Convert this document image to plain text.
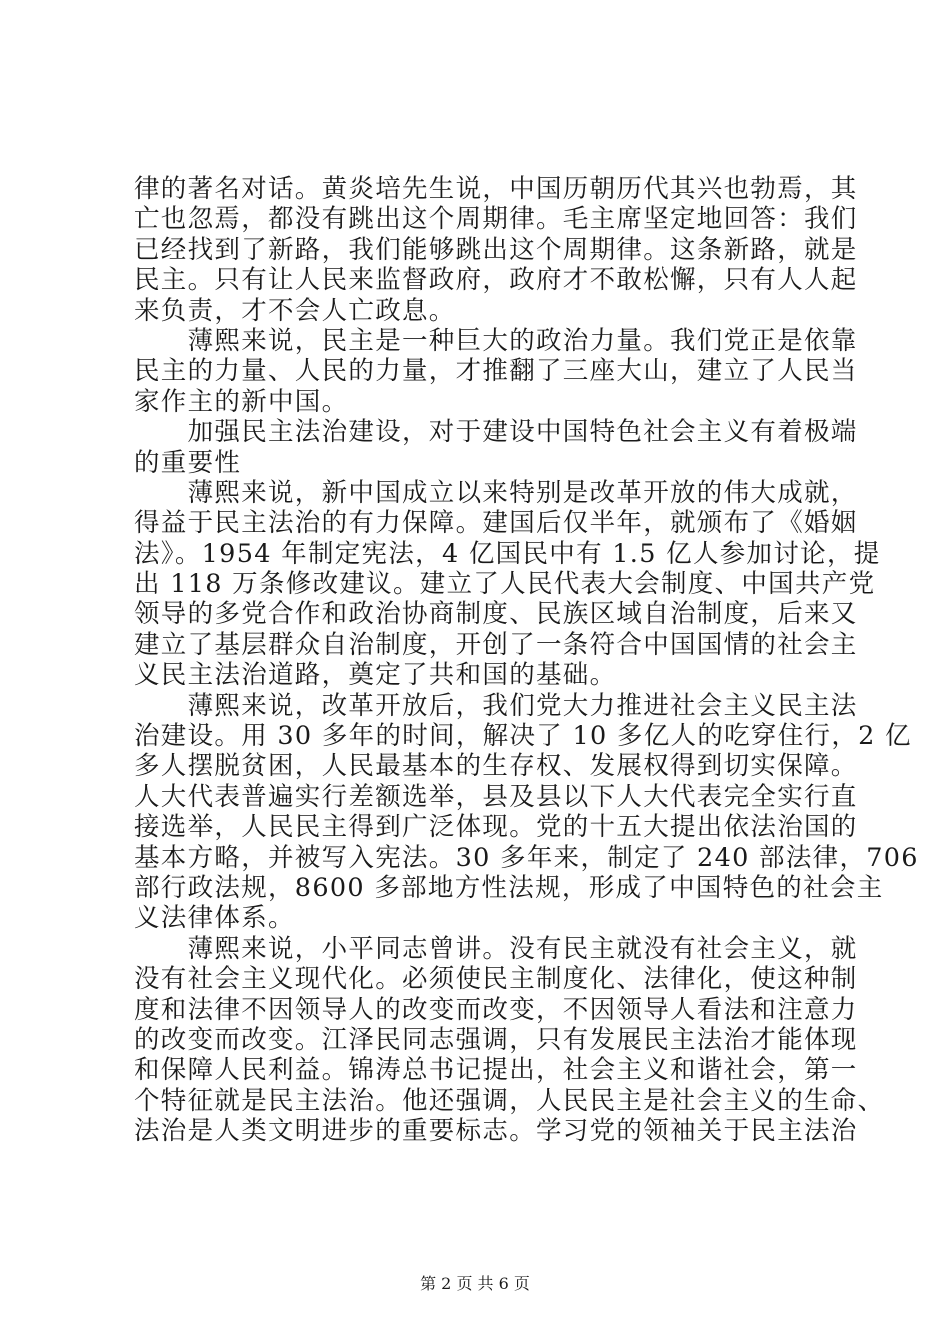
律的著名对话。黄炎培先生说，中国历朝历代其兴也勃焉，其
亡也忽焉，都没有跳出这个周期律。毛主席坚定地回答：我们
已经找到了新路，我们能够跳出这个周期律。这条新路，就是
民主。只有让人民来监督政府，政府才不敢松懈，只有人人起
来负责，才不会人亡政息。
　　薄熙来说，民主是一种巨大的政治力量。我们党正是依靠
民主的力量、人民的力量，才推翻了三座大山，建立了人民当
家作主的新中国。
　　加强民主法治建设，对于建设中国特色社会主义有着极端
的重要性
　　薄熙来说，新中国成立以来特别是改革开放的伟大成就，
得益于民主法治的有力保障。建国后仅半年，就颁布了《婚姻
法》。1954 年制定宪法，4 亿国民中有 1.5 亿人参加讨论，提
出 118 万条修改建议。建立了人民代表大会制度、中国共产党
领导的多党合作和政治协商制度、民族区域自治制度，后来又
建立了基层群众自治制度，开创了一条符合中国国情的社会主
义民主法治道路，奠定了共和国的基础。
　　薄熙来说，改革开放后，我们党大力推进社会主义民主法
治建设。用 30 多年的时间，解决了 10 多亿人的吃穿住行，2 亿
多人摆脱贫困，人民最基本的生存权、发展权得到切实保障。
人大代表普遍实行差额选举，县及县以下人大代表完全实行直
接选举，人民民主得到广泛体现。党的十五大提出依法治国的
基本方略，并被写入宪法。30 多年来，制定了 240 部法律，706
部行政法规，8600 多部地方性法规，形成了中国特色的社会主
义法律体系。
　　薄熙来说，小平同志曾讲。没有民主就没有社会主义，就
没有社会主义现代化。必须使民主制度化、法律化，使这种制
度和法律不因领导人的改变而改变，不因领导人看法和注意力
的改变而改变。江泽民同志强调，只有发展民主法治才能体现
和保障人民利益。锦涛总书记提出，社会主义和谐社会，第一
个特征就是民主法治。他还强调，人民民主是社会主义的生命、
法治是人类文明进步的重要标志。学习党的领袖关于民主法治
第 2 页 共 6 页
